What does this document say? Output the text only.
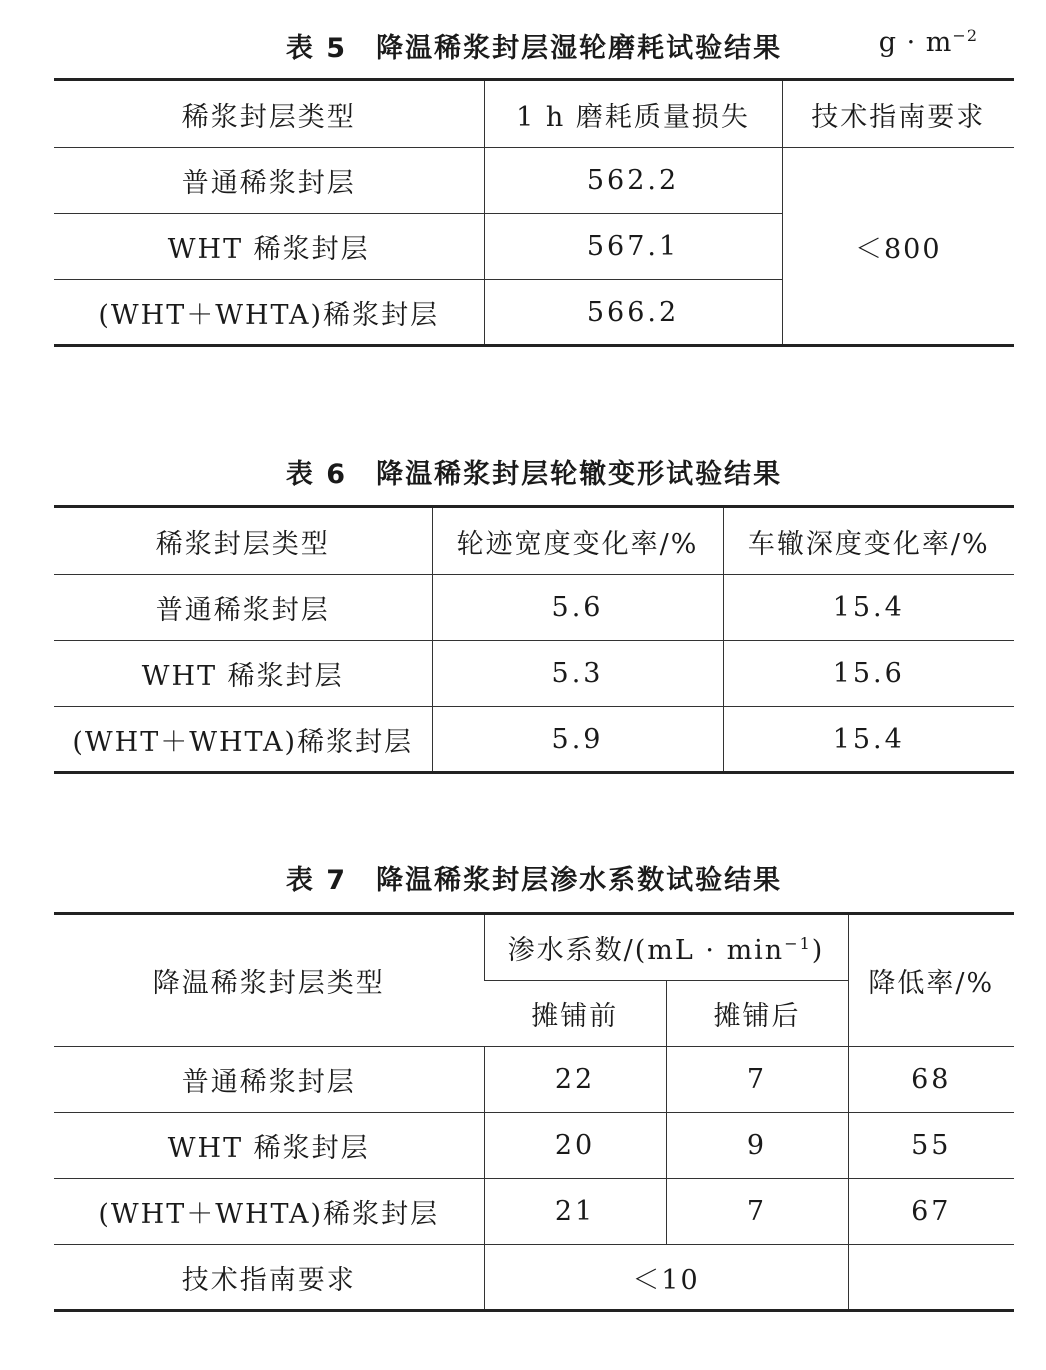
表 5　降温稀浆封层湿轮磨耗试验结果	$g \cdot m^{-2}$
稀浆封层类型	1 h 磨耗质量损失	技术指南要求
普通稀浆封层	562.2	＜800
WHT 稀浆封层	567.1	
(WHT＋WHTA)稀浆封层	566.2	
表 6　降温稀浆封层轮辙变形试验结果
稀浆封层类型	轮迹宽度变化率/%	车辙深度变化率/%
普通稀浆封层	5.6	15.4
WHT 稀浆封层	5.3	15.6
(WHT＋WHTA)稀浆封层	5.9	15.4
表 7　降温稀浆封层渗水系数试验结果
降温稀浆封层类型	渗水系数$/(mL \cdot \min^{-1})$		降低率/%
	摊铺前	摊铺后	
普通稀浆封层	22	7	68
WHT 稀浆封层	20	9	55
(WHT＋WHTA)稀浆封层	21	7	67
技术指南要求	＜10		
